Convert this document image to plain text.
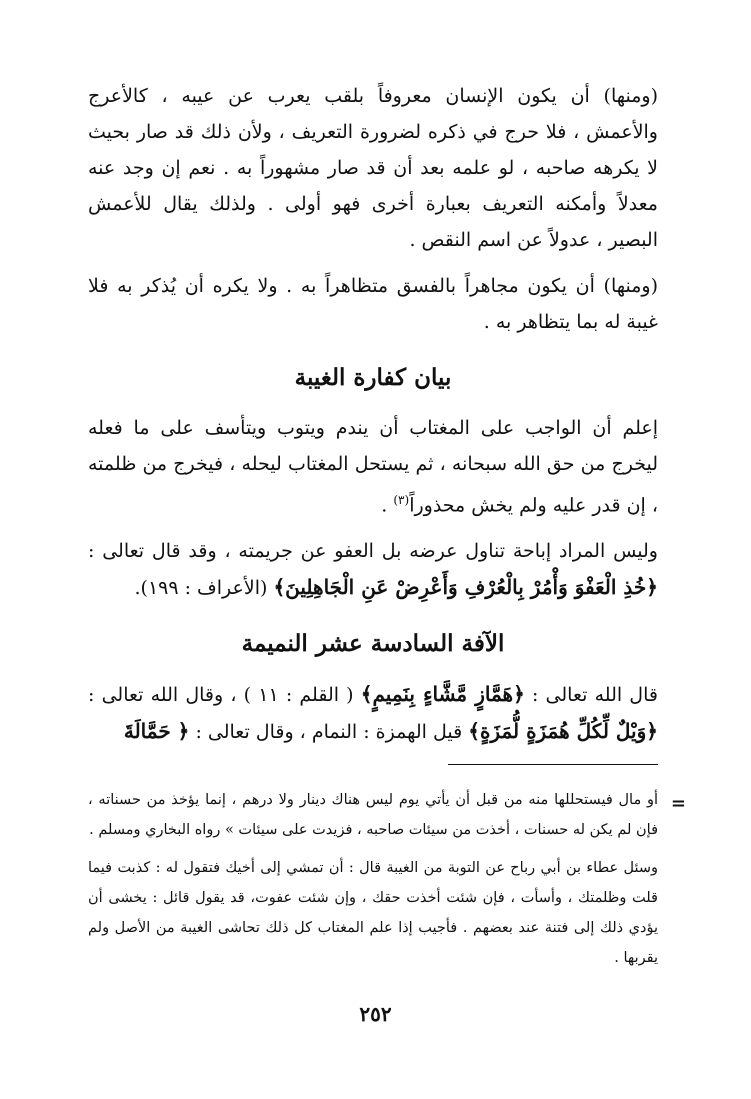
(ومنها) أن يكون الإنسان معروفاً بلقب يعرب عن عيبه ، كالأعرج والأعمش ، فلا حرج في ذكره لضرورة التعريف ، ولأن ذلك قد صار بحيث لا يكرهه صاحبه ، لو علمه بعد أن قد صار مشهوراً به . نعم إن وجد عنه معدلاً وأمكنه التعريف بعبارة أخرى فهو أولى . ولذلك يقال للأعمش البصير ، عدولاً عن اسم النقص .

(ومنها) أن يكون مجاهراً بالفسق متظاهراً به . ولا يكره أن يُذكر به فلا غيبة له بما يتظاهر به .

بيان كفارة الغيبة

إعلم أن الواجب على المغتاب أن يندم ويتوب ويتأسف على ما فعله ليخرج من حق الله سبحانه ، ثم يستحل المغتاب ليحله ، فيخرج من ظلمته ، إن قدر عليه ولم يخش محذوراً$^{(٣)}$ .

وليس المراد إباحة تناول عرضه بل العفو عن جريمته ، وقد قال تعالى : ﴿خُذِ الْعَفْوَ وَأْمُرْ بِالْعُرْفِ وَأَعْرِضْ عَنِ الْجَاهِلِينَ﴾ (الأعراف : ١٩٩).

الآفة السادسة عشر النميمة

قال الله تعالى : ﴿هَمَّازٍ مَّشَّاءٍ بِنَمِيمٍ﴾ ( القلم : ١١ ) ، وقال الله تعالى : ﴿وَيْلٌ لِّكُلِّ هُمَزَةٍ لُّمَزَةٍ﴾ قيل الهمزة : النمام ، وقال تعالى : ﴿ حَمَّالَةَ

=

أو مال فيستحللها منه من قبل أن يأتي يوم ليس هناك دينار ولا درهم ، إنما يؤخذ من حسناته ، فإن لم يكن له حسنات ، أخذت من سيئات صاحبه ، فزيدت على سيئات » رواه البخاري ومسلم .

وسئل عطاء بن أبي رباح عن التوبة من الغيبة قال : أن تمشي إلى أخيك فتقول له : كذبت فيما قلت وظلمتك ، وأسأت ، فإن شئت أخذت حقك ، وإن شئت عفوت، قد يقول قائل : يخشى أن يؤدي ذلك إلى فتنة عند بعضهم . فأجيب إذا علم المغتاب كل ذلك تحاشى الغيبة من الأصل ولم يقربها .

٢٥٢
